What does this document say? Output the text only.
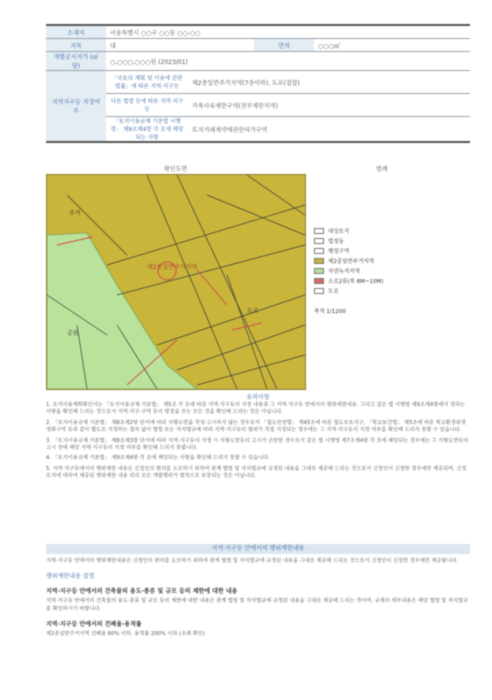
소재지	서울특별시 ○○구 ○○동 ○○-○○		
지목	대	면적	○○○㎡
개별공시지가 (㎡당)	○,○○○,○○○원 (2023/01)		
지역지구등 지정여부	「국토의 계획 및 이용에 관한 법률」에 따른 지역·지구등	제2종일반주거지역(7층이하), 도로(접합)
	다른 법령 등에 따른 지역·지구등	가축사육제한구역(전부제한지역)
	「토지이용규제 기본법 시행령」 제9조제4항 각 호에 해당되는 사항	토지거래계약에관한허가구역
확인도면	범례
주거
도로
제2종일반주거지역
공원
대상토지
법정동
행정구역
제2종일반주거지역
자연녹지지역
소로2류(폭 8M~10M)
도로
축척 1/1200
유의사항

1. 토지이용계획확인서는 「토지이용규제 기본법」 제5조 각 호에 따른 지역·지구등의 지정 내용과 그 지역·지구등 안에서의 행위제한내용, 그리고 같은 법 시행령 제9조제4항에서 정하는 사항을 확인해 드리는 것으로서 지역·지구·구역 등의 명칭을 쓰는 모든 것을 확인해 드리는 것은 아닙니다.

2. 「토지이용규제 기본법」 제8조제2항 단서에 따라 지형도면을 작성·고시하지 않는 경우로서 「철도안전법」 제45조에 따른 철도보호지구, 「학교보건법」 제5조에 따른 학교환경위생 정화구역 등과 같이 별도로 지정하는 절차 없이 법령 또는 자치법규에 따라 지역·지구등의 범위가 직접 지정되는 경우에는 그 지역·지구등의 지정 여부를 확인해 드리지 못할 수 있습니다.

3. 「토지이용규제 기본법」 제8조제3항 단서에 따라 지역·지구등의 지정 시 지형도면등의 고시가 곤란한 경우로서 같은 법 시행령 제7조제4항 각 호에 해당되는 경우에는 그 지형도면등의 고시 전에 해당 지역·지구등의 지정 여부를 확인해 드리지 못합니다.

4. 「토지이용규제 기본법」 제9조제4항 각 호에 해당되는 사항을 확인해 드리지 못할 수 있습니다.

5. 지역·지구등에서의 행위제한 내용은 신청인의 편의를 도모하기 위하여 관계 법령 및 자치법규에 규정된 내용을 그대로 제공해 드리는 것으로서 신청인이 신청한 경우에만 제공되며, 신청 토지에 대하여 제공된 행위제한 내용 외의 모든 개발행위가 법적으로 보장되는 것은 아닙니다.

지역·지구등 안에서의 행위제한내용

지역·지구등 안에서의 행위제한내용은 신청인의 편의를 도모하기 위하여 관계 법령 및 자치법규에 규정된 내용을 그대로 제공해 드리는 것으로서 신청인이 신청한 경우에만 제공됩니다.

행위제한내용 설명
지역·지구등 안에서의 건축물의 용도·종류 및 규모 등의 제한에 대한 내용

지역·지구등 안에서의 건축물의 용도·종류 및 규모 등의 제한에 대한 내용은 관계 법령 및 자치법규에 규정된 내용을 그대로 제공해 드리는 것이며, 규제의 세부내용은 해당 법령 및 자치법규를 확인하시기 바랍니다.

지역·지구등 안에서의 건폐율·용적률

제2종일반주거지역 건폐율 60% 이하, 용적률 200% 이하 (조례 확인)
